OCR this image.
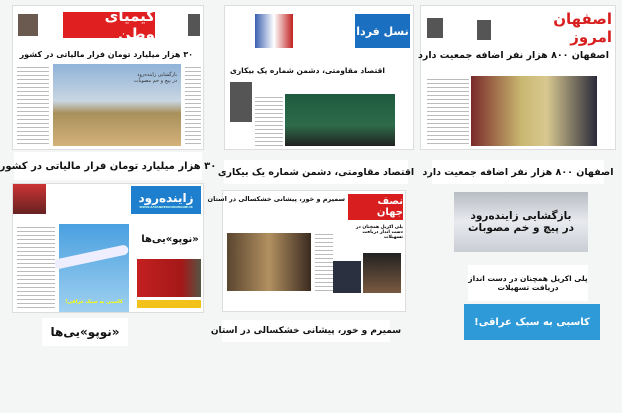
کیمیای وطن
۳۰ هزار میلیارد تومان فرار مالیاتی در کشور
بازگشایی زاینده‌رود در پیچ و خم مصوبات
۳۰ هزار میلیارد تومان فرار مالیاتی در کشور
نسل فردا
اقتصاد مقاومتی، دشمن شماره یک بیکاری
اقتصاد مقاومتی، دشمن شماره یک بیکاری
اصفهان امروز
اصفهان ۸۰۰ هزار نفر اضافه جمعیت دارد
اصفهان ۸۰۰ هزار نفر اضافه جمعیت دارد
زاینده‌رود
WWW.ZAYANDEROUDONLINE.IR
کاسبی به سبک عراقی!
«نوپو»یی‌ها
«نوپو»یی‌ها
نصف جهان
سمیرم و خور، پیشانی خشکسالی در استان
پلی اکریل همچنان در دست انداز دریافت تسهیلات
سمیرم و خور، پیشانی خشکسالی در استان
بازگشایی زاینده‌رود
در پیچ و خم مصوبات
پلی اکریل همچنان در دست انداز
دریافت تسهیلات
کاسبی به سبک عراقی!
